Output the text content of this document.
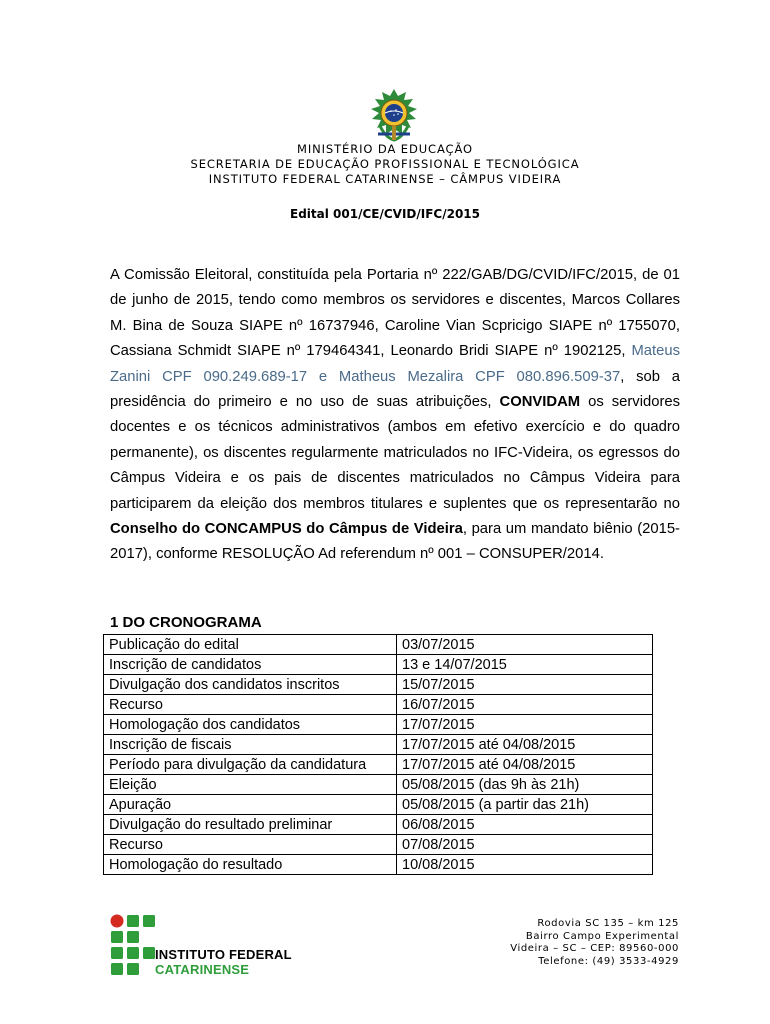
MINISTÉRIO DA EDUCAÇÃO
SECRETARIA DE EDUCAÇÃO PROFISSIONAL E TECNOLÓGICA
INSTITUTO FEDERAL CATARINENSE – CÂMPUS VIDEIRA
Edital 001/CE/CVID/IFC/2015

A Comissão Eleitoral, constituída pela Portaria nº 222/GAB/DG/CVID/IFC/2015, de 01 de junho de 2015, tendo como membros os servidores e discentes, Marcos Collares M. Bina de Souza SIAPE nº 16737946, Caroline Vian Scpricigo SIAPE nº 1755070, Cassiana Schmidt SIAPE nº 179464341, Leonardo Bridi SIAPE nº 1902125, Mateus Zanini CPF 090.249.689-17 e Matheus Mezalira CPF 080.896.509-37, sob a presidência do primeiro e no uso de suas atribuições, CONVIDAM os servidores docentes e os técnicos administrativos (ambos em efetivo exercício e do quadro permanente), os discentes regularmente matriculados no IFC-Videira, os egressos do Câmpus Videira e os pais de discentes matriculados no Câmpus Videira para participarem da eleição dos membros titulares e suplentes que os representarão no Conselho do CONCAMPUS do Câmpus de Videira, para um mandato biênio (2015-2017), conforme RESOLUÇÃO Ad referendum nº 001 – CONSUPER/2014.

1 DO CRONOGRAMA
Publicação do edital	03/07/2015
Inscrição de candidatos	13 e 14/07/2015
Divulgação dos candidatos inscritos	15/07/2015
Recurso	16/07/2015
Homologação dos candidatos	17/07/2015
Inscrição de fiscais	17/07/2015 até 04/08/2015
Período para divulgação da candidatura	17/07/2015 até 04/08/2015
Eleição	05/08/2015 (das 9h às 21h)
Apuração	05/08/2015 (a partir das 21h)
Divulgação do resultado preliminar	06/08/2015
Recurso	07/08/2015
Homologação do resultado	10/08/2015
INSTITUTO FEDERAL
CATARINENSE
Rodovia SC 135 – km 125
Bairro Campo Experimental
Videira – SC – CEP: 89560-000
Telefone: (49) 3533-4929
